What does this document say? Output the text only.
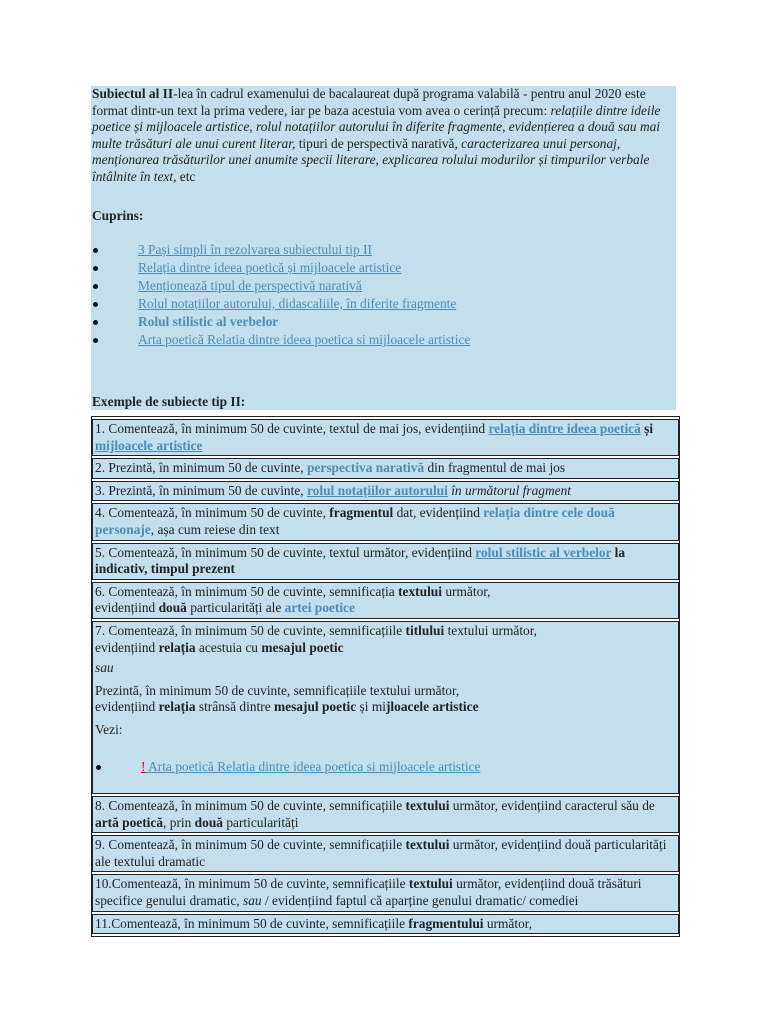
Subiectul al II-lea în cadrul examenului de bacalaureat după programa valabilă - pentru anul 2020 este format dintr-un text la prima vedere, iar pe baza acestuia vom avea o cerință precum: relațiile dintre ideile poetice și mijloacele artistice, rolul notațiilor autorului în diferite fragmente, evidențierea a două sau mai multe trăsături ale unui curent literar, tipuri de perspectivă narativă, caracterizarea unui personaj, menționarea trăsăturilor unei anumite specii literare, explicarea rolului modurilor și timpurilor verbale întâlnite în text, etc

Cuprins:

3 Pași simpli în rezolvarea subiectului tip II
Relația dintre ideea poetică și mijloacele artistice
Menționează tipul de perspectivă narativă
Rolul notațiilor autorului, didascaliile, în diferite fragmente
Rolul stilistic al verbelor
Arta poetică Relatia dintre ideea poetica si mijloacele artistice
Exemple de subiecte tip II:
1. Comentează, în minimum 50 de cuvinte, textul de mai jos, evidențiind relația dintre ideea poetică și mijloacele artistice
2. Prezintă, în minimum 50 de cuvinte, perspectiva narativă din fragmentul de mai jos
3. Prezintă, în minimum 50 de cuvinte, rolul notațiilor autorului în următorul fragment
4. Comentează, în minimum 50 de cuvinte, fragmentul dat, evidențiind relația dintre cele două personaje, așa cum reiese din text
5. Comentează, în minimum 50 de cuvinte, textul următor, evidențiind rolul stilistic al verbelor la indicativ, timpul prezent
6. Comentează, în minimum 50 de cuvinte, semnificația textului următor,
evidențiind două particularități ale artei poetice
7. Comentează, în minimum 50 de cuvinte, semnificațiile titlului textului următor,
evidențiind relația acestuia cu mesajul poetic
sau
Prezintă, în minimum 50 de cuvinte, semnificațiile textului următor,
evidențiind relația strânsă dintre mesajul poetic și mijloacele artistice
Vezi:
! Arta poetică Relatia dintre ideea poetica si mijloacele artistice

8. Comentează, în minimum 50 de cuvinte, semnificațiile textului următor, evidențiind caracterul său de artă poetică, prin două particularități
9. Comentează, în minimum 50 de cuvinte, semnificațiile textului următor, evidențiind două particularități ale textului dramatic
10.Comentează, în minimum 50 de cuvinte, semnificațiile textului următor, evidențiind două trăsături specifice genului dramatic, sau / evidențiind faptul că aparține genului dramatic/ comediei
11.Comentează, în minimum 50 de cuvinte, semnificațiile fragmentului următor,
